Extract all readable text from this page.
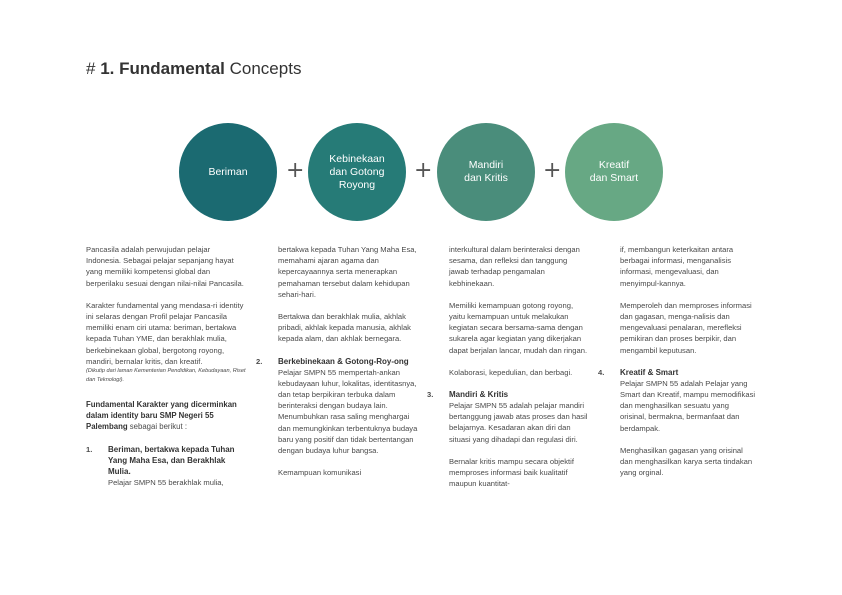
# 1. Fundamental Concepts
Beriman + Kebinekaan
dan Gotong
Royong
+	Mandiri
dan Kritis +	Kreatif
dan Smart

Pancasila adalah perwujudan pelajar Indonesia. Sebagai pelajar sepanjang hayat yang memiliki kompetensi global dan berperilaku sesuai dengan nilai-nilai Pancasila.

Karakter fundamental yang mendasa-ri identity ini selaras dengan Profil pelajar Pancasila memiliki enam ciri utama: beriman, bertakwa kepada Tuhan YME, dan berakhlak mulia, berkebinekaan global, bergotong royong, mandiri, bernalar kritis, dan kreatif.

(Dikutip dari laman Kementerian Pendidikan, Kebudayaan, Riset dan Teknologi).

Fundamental Karakter yang dicerminkan dalam identity baru SMP Negeri 55 Palembang sebagai berikut :

1. Beriman, bertakwa kepada Tuhan Yang Maha Esa, dan Berakhlak Mulia.
Pelajar SMPN 55 berakhlak mulia,

bertakwa kepada Tuhan Yang Maha Esa, memahami ajaran agama dan kepercayaannya serta menerapkan pemahaman tersebut dalam kehidupan sehari-hari.

Bertakwa dan berakhlak mulia, akhlak pribadi, akhlak kepada manusia, akhlak kepada alam, dan akhlak bernegara.

2. Berkebinekaan & Gotong-Roy-ong
Pelajar SMPN 55 mempertah-ankan kebudayaan luhur, lokalitas, identitasnya, dan tetap berpikiran terbuka dalam berinteraksi dengan budaya lain. Menumbuhkan rasa saling menghargai dan memungkinkan terbentuknya budaya baru yang positif dan tidak bertentangan dengan budaya luhur bangsa.

Kemampuan komunikasi

interkultural dalam berinteraksi dengan sesama, dan refleksi dan tanggung jawab terhadap pengamalan kebhinekaan.

Memiliki kemampuan gotong royong, yaitu kemampuan untuk melakukan kegiatan secara bersama-sama dengan sukarela agar kegiatan yang dikerjakan dapat berjalan lancar, mudah dan ringan.

Kolaborasi, kepedulian, dan berbagi.

3. Mandiri & Kritis
Pelajar SMPN 55 adalah pelajar mandiri bertanggung jawab atas proses dan hasil belajarnya. Kesadaran akan diri dan situasi yang dihadapi dan regulasi diri.

Bernalar kritis mampu secara objektif memproses informasi baik kualitatif maupun kuantitat-

if, membangun keterkaitan antara berbagai informasi, menganalisis informasi, mengevaluasi, dan menyimpul-kannya.

Memperoleh dan memproses informasi dan gagasan, menga-nalisis dan mengevaluasi penalaran, merefleksi pemikiran dan proses berpikir, dan mengambil keputusan.

4. Kreatif & Smart
Pelajar SMPN 55 adalah Pelajar yang Smart dan Kreatif, mampu memodifikasi dan menghasilkan sesuatu yang orisinal, bermakna, bermanfaat dan berdampak.

Menghasilkan gagasan yang orisinal dan menghasilkan karya serta tindakan yang orginal.
